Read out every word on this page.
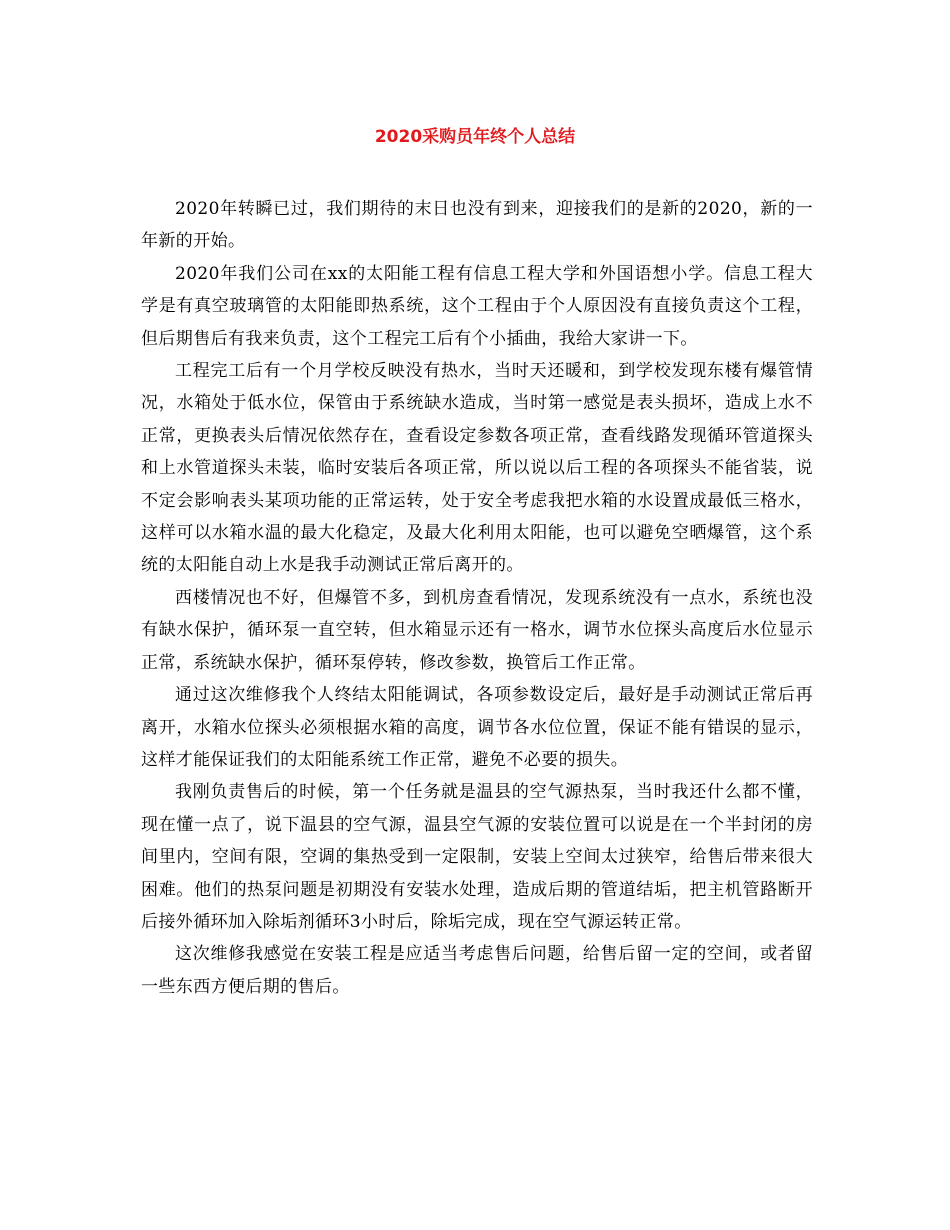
2020采购员年终个人总结

2020年转瞬已过，我们期待的末日也没有到来，迎接我们的是新的2020，新的一年新的开始。

2020年我们公司在xx的太阳能工程有信息工程大学和外国语想小学。信息工程大学是有真空玻璃管的太阳能即热系统，这个工程由于个人原因没有直接负责这个工程，但后期售后有我来负责，这个工程完工后有个小插曲，我给大家讲一下。

工程完工后有一个月学校反映没有热水，当时天还暖和，到学校发现东楼有爆管情况，水箱处于低水位，保管由于系统缺水造成，当时第一感觉是表头损坏，造成上水不正常，更换表头后情况依然存在，查看设定参数各项正常，查看线路发现循环管道探头和上水管道探头未装，临时安装后各项正常，所以说以后工程的各项探头不能省装，说不定会影响表头某项功能的正常运转，处于安全考虑我把水箱的水设置成最低三格水，这样可以水箱水温的最大化稳定，及最大化利用太阳能，也可以避免空晒爆管，这个系统的太阳能自动上水是我手动测试正常后离开的。

西楼情况也不好，但爆管不多，到机房查看情况，发现系统没有一点水，系统也没有缺水保护，循环泵一直空转，但水箱显示还有一格水，调节水位探头高度后水位显示正常，系统缺水保护，循环泵停转，修改参数，换管后工作正常。

通过这次维修我个人终结太阳能调试，各项参数设定后，最好是手动测试正常后再离开，水箱水位探头必须根据水箱的高度，调节各水位位置，保证不能有错误的显示，这样才能保证我们的太阳能系统工作正常，避免不必要的损失。

我刚负责售后的时候，第一个任务就是温县的空气源热泵，当时我还什么都不懂，现在懂一点了，说下温县的空气源，温县空气源的安装位置可以说是在一个半封闭的房间里内，空间有限，空调的集热受到一定限制，安装上空间太过狭窄，给售后带来很大困难。他们的热泵问题是初期没有安装水处理，造成后期的管道结垢，把主机管路断开后接外循环加入除垢剂循环3小时后，除垢完成，现在空气源运转正常。

这次维修我感觉在安装工程是应适当考虑售后问题，给售后留一定的空间，或者留一些东西方便后期的售后。
